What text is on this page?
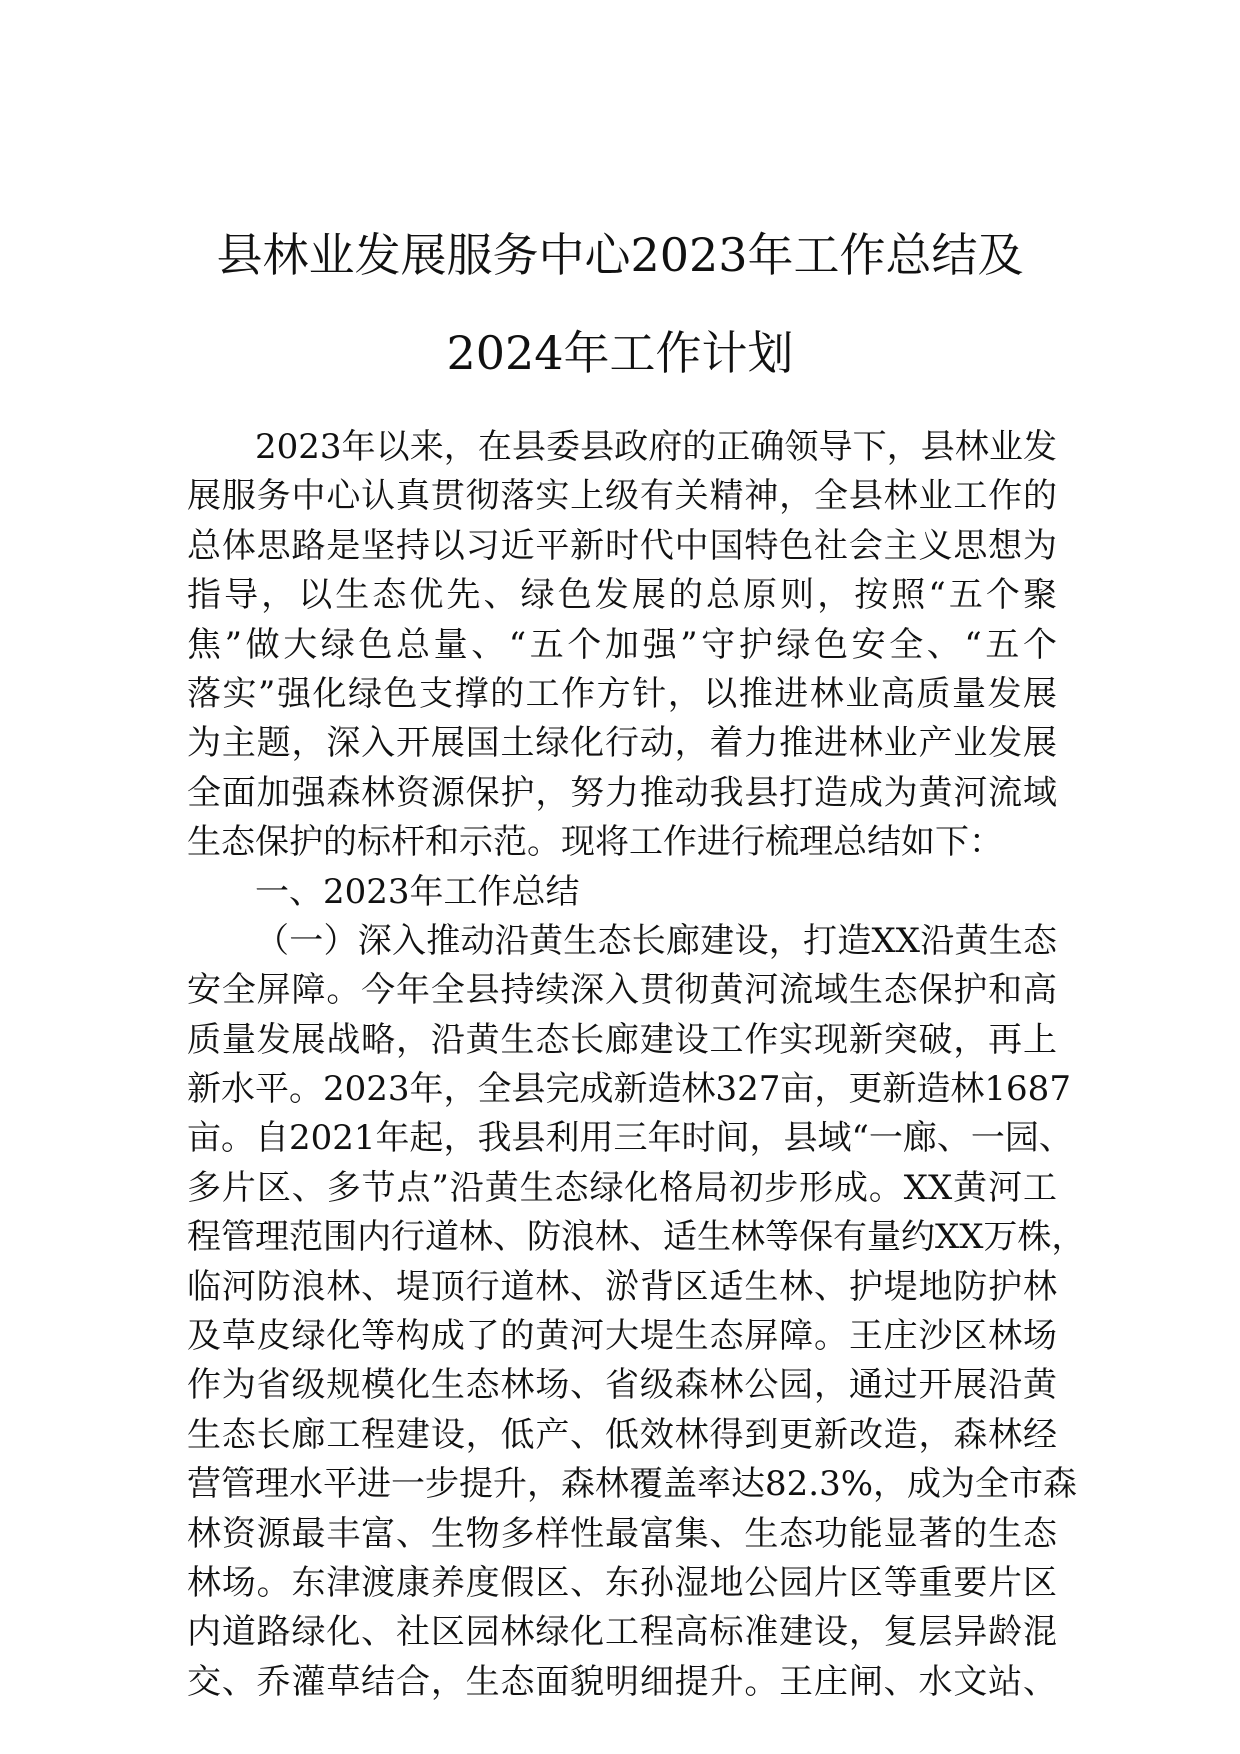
县林业发展服务中心2023年工作总结及
2024年工作计划
2023年以来，在县委县政府的正确领导下，县林业发
展服务中心认真贯彻落实上级有关精神，全县林业工作的
总体思路是坚持以习近平新时代中国特色社会主义思想为
指导，以生态优先、绿色发展的总原则，按照“五个聚
焦”做大绿色总量、“五个加强”守护绿色安全、“五个
落实”强化绿色支撑的工作方针，以推进林业高质量发展
为主题，深入开展国土绿化行动，着力推进林业产业发展
全面加强森林资源保护，努力推动我县打造成为黄河流域
生态保护的标杆和示范。现将工作进行梳理总结如下：
一、2023年工作总结
（一）深入推动沿黄生态长廊建设，打造XX沿黄生态
安全屏障。今年全县持续深入贯彻黄河流域生态保护和高
质量发展战略，沿黄生态长廊建设工作实现新突破，再上
新水平。2023年，全县完成新造林327亩，更新造林1687
亩。自2021年起，我县利用三年时间，县域“一廊、一园、
多片区、多节点”沿黄生态绿化格局初步形成。XX黄河工
程管理范围内行道林、防浪林、适生林等保有量约XX万株，
临河防浪林、堤顶行道林、淤背区适生林、护堤地防护林
及草皮绿化等构成了的黄河大堤生态屏障。王庄沙区林场
作为省级规模化生态林场、省级森林公园，通过开展沿黄
生态长廊工程建设，低产、低效林得到更新改造，森林经
营管理水平进一步提升，森林覆盖率达82.3%，成为全市森
林资源最丰富、生物多样性最富集、生态功能显著的生态
林场。东津渡康养度假区、东孙湿地公园片区等重要片区
内道路绿化、社区园林绿化工程高标准建设，复层异龄混
交、乔灌草结合，生态面貌明细提升。王庄闸、水文站、
